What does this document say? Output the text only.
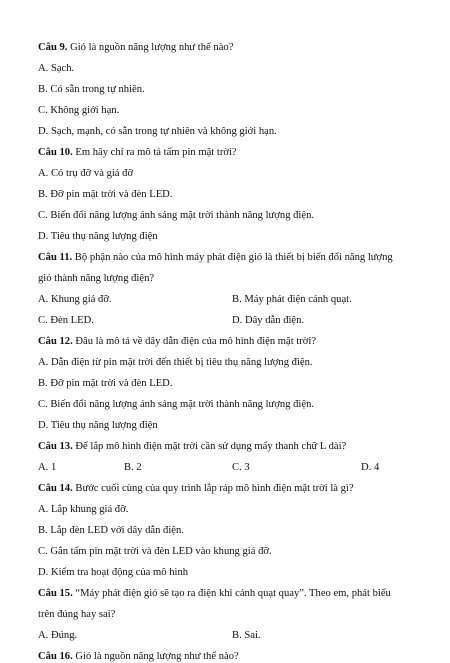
Câu 9. Gió là nguồn năng lượng như thế nào?
A. Sạch.
B. Có sẵn trong tự nhiên.
C. Không giới hạn.
D. Sạch, mạnh, có sẵn trong tự nhiên và không giới hạn.
Câu 10. Em hãy chỉ ra mô tả tấm pin mặt trời?
A. Có trụ đỡ và giá đỡ
B. Đỡ pin mặt trời và đèn LED.
C. Biến đổi năng lượng ánh sáng mặt trời thành năng lượng điện.
D. Tiêu thụ năng lượng điện
Câu 11. Bộ phận nào của mô hình máy phát điện gió là thiết bị biến đổi năng lượng
gió thành năng lượng điện?
A. Khung giá đỡ.	B. Máy phát điện cánh quạt.
C. Đèn LED.	D. Dây dẫn điện.
Câu 12. Đâu là mô tả về dây dẫn điện của mô hình điện mặt trời?
A. Dẫn điện từ pin mặt trời đến thiết bị tiêu thụ năng lượng điện.
B. Đỡ pin mặt trời và đèn LED.
C. Biến đổi năng lượng ánh sáng mặt trời thành năng lượng điện.
D. Tiêu thụ năng lượng điện
Câu 13. Để lắp mô hình điện mặt trời cần sử dụng mấy thanh chữ L dài?
A. 1	B. 2	C. 3	D. 4
Câu 14. Bước cuối cùng của quy trình lắp ráp mô hình điện mặt trời là gì?
A. Lắp khung giá đỡ.
B. Lắp đèn LED với dây dẫn điện.
C. Gắn tấm pin mặt trời và đèn LED vào khung giá đỡ.
D. Kiểm tra hoạt động của mô hình
Câu 15. “Máy phát điện gió sẽ tạo ra điện khi cánh quạt quay”. Theo em, phát biểu
trên đúng hay sai?
A. Đúng.	B. Sai.
Câu 16. Gió là nguồn năng lượng như thế nào?
